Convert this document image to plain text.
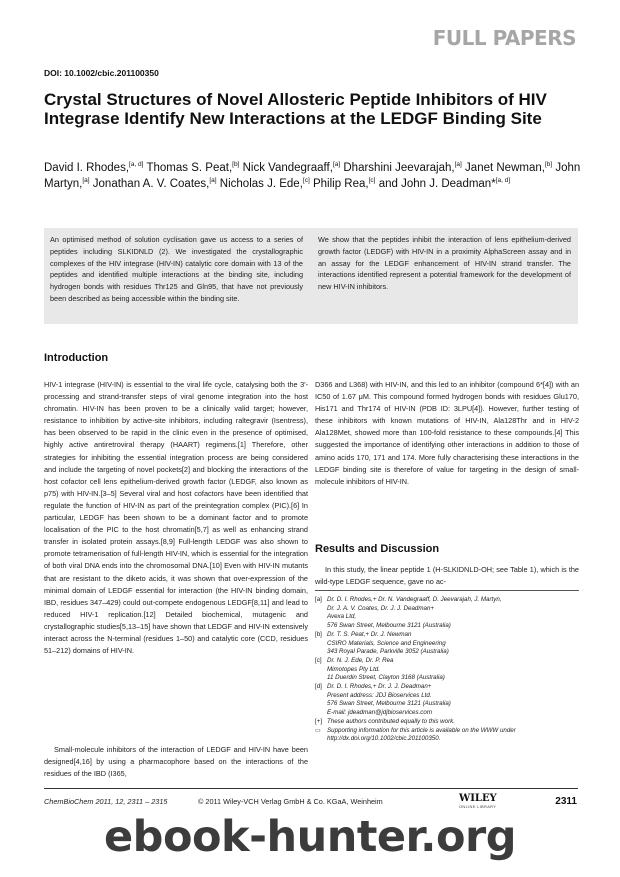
FULL PAPERS
DOI: 10.1002/cbic.201100350
Crystal Structures of Novel Allosteric Peptide Inhibitors of HIV Integrase Identify New Interactions at the LEDGF Binding Site
David I. Rhodes,[a, d] Thomas S. Peat,[b] Nick Vandegraaff,[a] Dharshini Jeevarajah,[a] Janet Newman,[b] John Martyn,[a] Jonathan A. V. Coates,[a] Nicholas J. Ede,[c] Philip Rea,[c] and John J. Deadman*[a, d]
An optimised method of solution cyclisation gave us access to a series of peptides including SLKIDNLD (2). We investigated the crystallographic complexes of the HIV integrase (HIV-IN) catalytic core domain with 13 of the peptides and identified multiple interactions at the binding site, including hydrogen bonds with residues Thr125 and Gln95, that have not previously been described as being accessible within the binding site.
We show that the peptides inhibit the interaction of lens epithelium-derived growth factor (LEDGF) with HIV-IN in a proximity AlphaScreen assay and in an assay for the LEDGF enhancement of HIV-IN strand transfer. The interactions identified represent a potential framework for the development of new HIV-IN inhibitors.
Introduction
HIV-1 integrase (HIV-IN) is essential to the viral life cycle, catalysing both the 3′-processing and strand-transfer steps of viral genome integration into the host chromatin. HIV-IN has been proven to be a clinically valid target; however, resistance to inhibition by active-site inhibitors, including raltegravir (Isentress), has been observed to be rapid in the clinic even in the presence of optimised, highly active antiretroviral therapy (HAART) regimens.[1] Therefore, other strategies for inhibiting the essential integration process are being considered and include the targeting of novel pockets[2] and blocking the interactions of the host cofactor cell lens epithelium-derived growth factor (LEDGF, also known as p75) with HIV-IN.[3–5] Several viral and host cofactors have been identified that regulate the function of HIV-IN as part of the preintegration complex (PIC).[6] In particular, LEDGF has been shown to be a dominant factor and to promote localisation of the PIC to the host chromatin[5,7] as well as enhancing strand transfer in isolated protein assays.[8,9] Full-length LEDGF was also shown to promote tetramerisation of full-length HIV-IN, which is essential for the integration of both viral DNA ends into the chromosomal DNA.[10] Even with HIV-IN mutants that are resistant to the diketo acids, it was shown that over-expression of the minimal domain of LEDGF essential for interaction (the HIV-IN binding domain, IBD, residues 347–429) could out-compete endogenous LEDGF[8,11] and lead to reduced HIV-1 replication.[12] Detailed biochemical, mutagenic and crystallographic studies[5,13–15] have shown that LEDGF and HIV-IN extensively interact across the N-terminal (residues 1–50) and catalytic core (CCD, residues 51–212) domains of HIV-IN.
Small-molecule inhibitors of the interaction of LEDGF and HIV-IN have been designed[4,16] by using a pharmacophore based on the interactions of the residues of the IBD (I365,
D366 and L368) with HIV-IN, and this led to an inhibitor (compound 6*[4]) with an IC50 of 1.67 μM. This compound formed hydrogen bonds with residues Glu170, His171 and Thr174 of HIV-IN (PDB ID: 3LPU[4]). However, further testing of these inhibitors with known mutations of HIV-IN, Ala128Thr and in HIV-2 Ala128Met, showed more than 100-fold resistance to these compounds.[4] This suggested the importance of identifying other interactions in addition to those of amino acids 170, 171 and 174. More fully characterising these interactions in the LEDGF binding site is therefore of value for targeting in the design of small-molecule inhibitors of HIV-IN.
Results and Discussion
In this study, the linear peptide 1 (H-SLKIDNLD-OH; see Table 1), which is the wild-type LEDGF sequence, gave no ac-
[a] Dr. D. I. Rhodes,+ Dr. N. Vandegraaff, D. Jeevarajah, J. Martyn,
Dr. J. A. V. Coates, Dr. J. J. Deadman+
Avexa Ltd,
576 Swan Street, Melbourne 3121 (Australia)
[b] Dr. T. S. Peat,+ Dr. J. Newman
CSIRO Materials, Science and Engineering
343 Royal Parade, Parkville 3052 (Australia)
[c] Dr. N. J. Ede, Dr. P. Rea
Mimotopes Pty Ltd.
11 Duerdin Street, Clayton 3168 (Australia)
[d] Dr. D. I. Rhodes,+ Dr. J. J. Deadman+
Present address: JDJ Bioservices Ltd.
576 Swan Street, Melbourne 3121 (Australia)
E-mail: jdeadman@jdjbioservices.com
[+] These authors contributed equally to this work.
▭ Supporting information for this article is available on the WWW under
http://dx.doi.org/10.1002/cbic.201100350.
ChemBioChem 2011, 12, 2311 – 2315	© 2011 Wiley-VCH Verlag GmbH & Co. KGaA, Weinheim	WILEY
ONLINE LIBRARY	2311
ebook-hunter.org
